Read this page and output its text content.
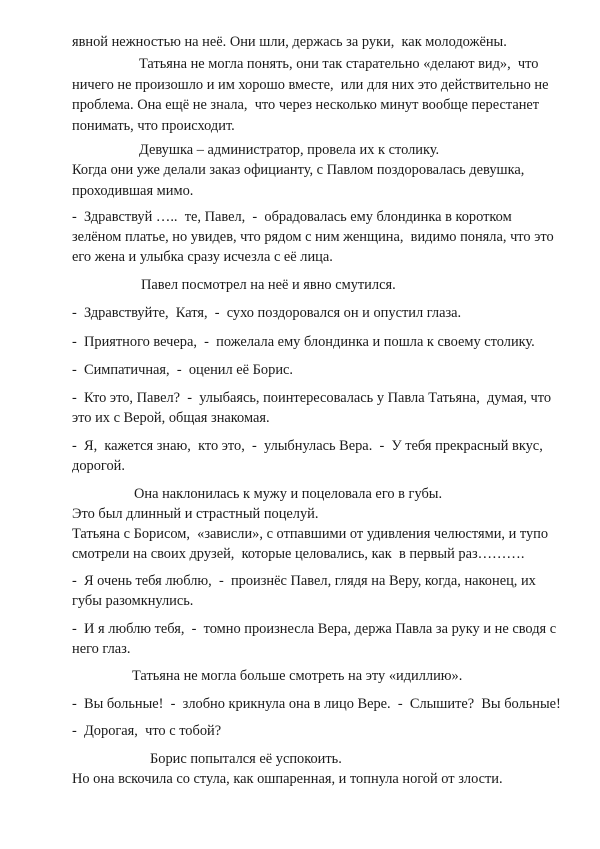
явной нежностью на неё. Они шли, держась за руки,  как молодожёны.
Татьяна не могла понять, они так старательно «делают вид»,  что
ничего не произошло и им хорошо вместе,  или для них это действительно не
проблема. Она ещё не знала,  что через несколько минут вообще перестанет
понимать, что происходит.
Девушка – администратор, провела их к столику.
Когда они уже делали заказ официанту, с Павлом поздоровалась девушка,
проходившая мимо.
-  Здравствуй …..  те, Павел,  -  обрадовалась ему блондинка в коротком
зелёном платье, но увидев, что рядом с ним женщина,  видимо поняла, что это
его жена и улыбка сразу исчезла с её лица.
Павел посмотрел на неё и явно смутился.
-  Здравствуйте,  Катя,  -  сухо поздоровался он и опустил глаза.
-  Приятного вечера,  -  пожелала ему блондинка и пошла к своему столику.
-  Симпатичная,  -  оценил её Борис.
-  Кто это, Павел?  -  улыбаясь, поинтересовалась у Павла Татьяна,  думая, что
это их с Верой, общая знакомая.
-  Я,  кажется знаю,  кто это,  -  улыбнулась Вера.  -  У тебя прекрасный вкус,
дорогой.
Она наклонилась к мужу и поцеловала его в губы.
Это был длинный и страстный поцелуй.
Татьяна с Борисом,  «зависли», с отпавшими от удивления челюстями, и тупо
смотрели на своих друзей,  которые целовались, как  в первый раз……….
-  Я очень тебя люблю,  -  произнёс Павел, глядя на Веру, когда, наконец, их
губы разомкнулись.
-  И я люблю тебя,  -  томно произнесла Вера, держа Павла за руку и не сводя с
него глаз.
Татьяна не могла больше смотреть на эту «идиллию».
-  Вы больные!  -  злобно крикнула она в лицо Вере.  -  Слышите?  Вы больные!
-  Дорогая,  что с тобой?
Борис попытался её успокоить.
Но она вскочила со стула, как ошпаренная, и топнула ногой от злости.
